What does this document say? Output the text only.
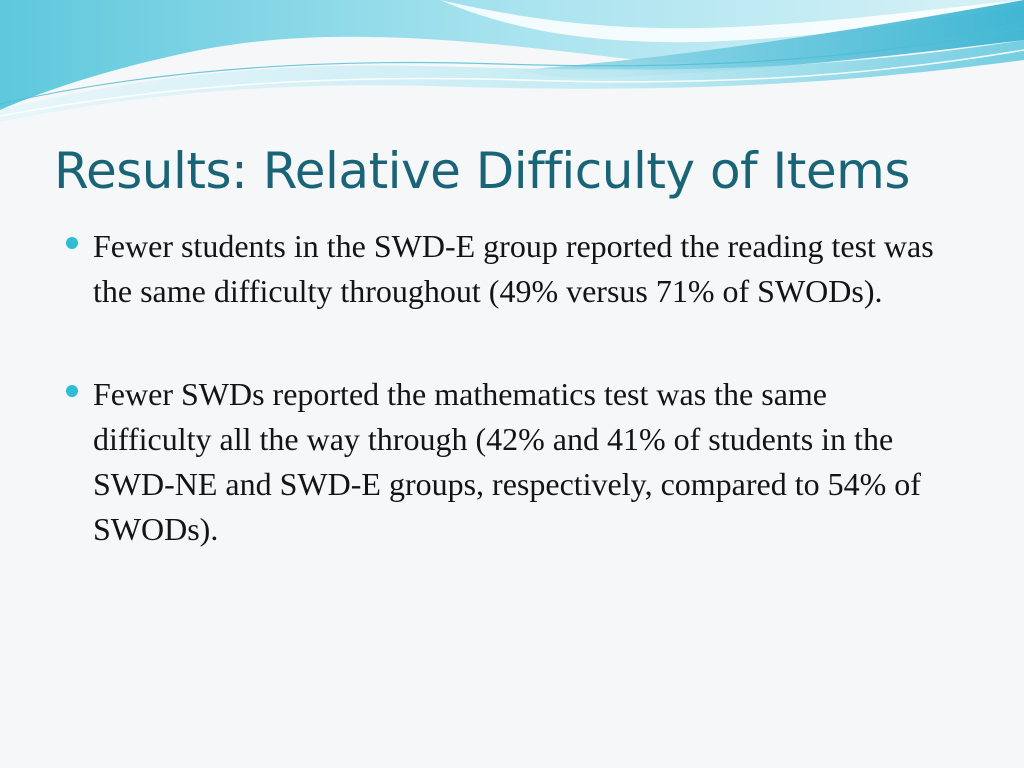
Results: Relative Difficulty of Items
Fewer students in the SWD-E group reported the reading test was the same difficulty throughout (49% versus 71% of SWODs).
Fewer SWDs reported the mathematics test was the same difficulty all the way through (42% and 41% of students in the SWD-NE and SWD-E groups, respectively, compared to 54% of SWODs).
